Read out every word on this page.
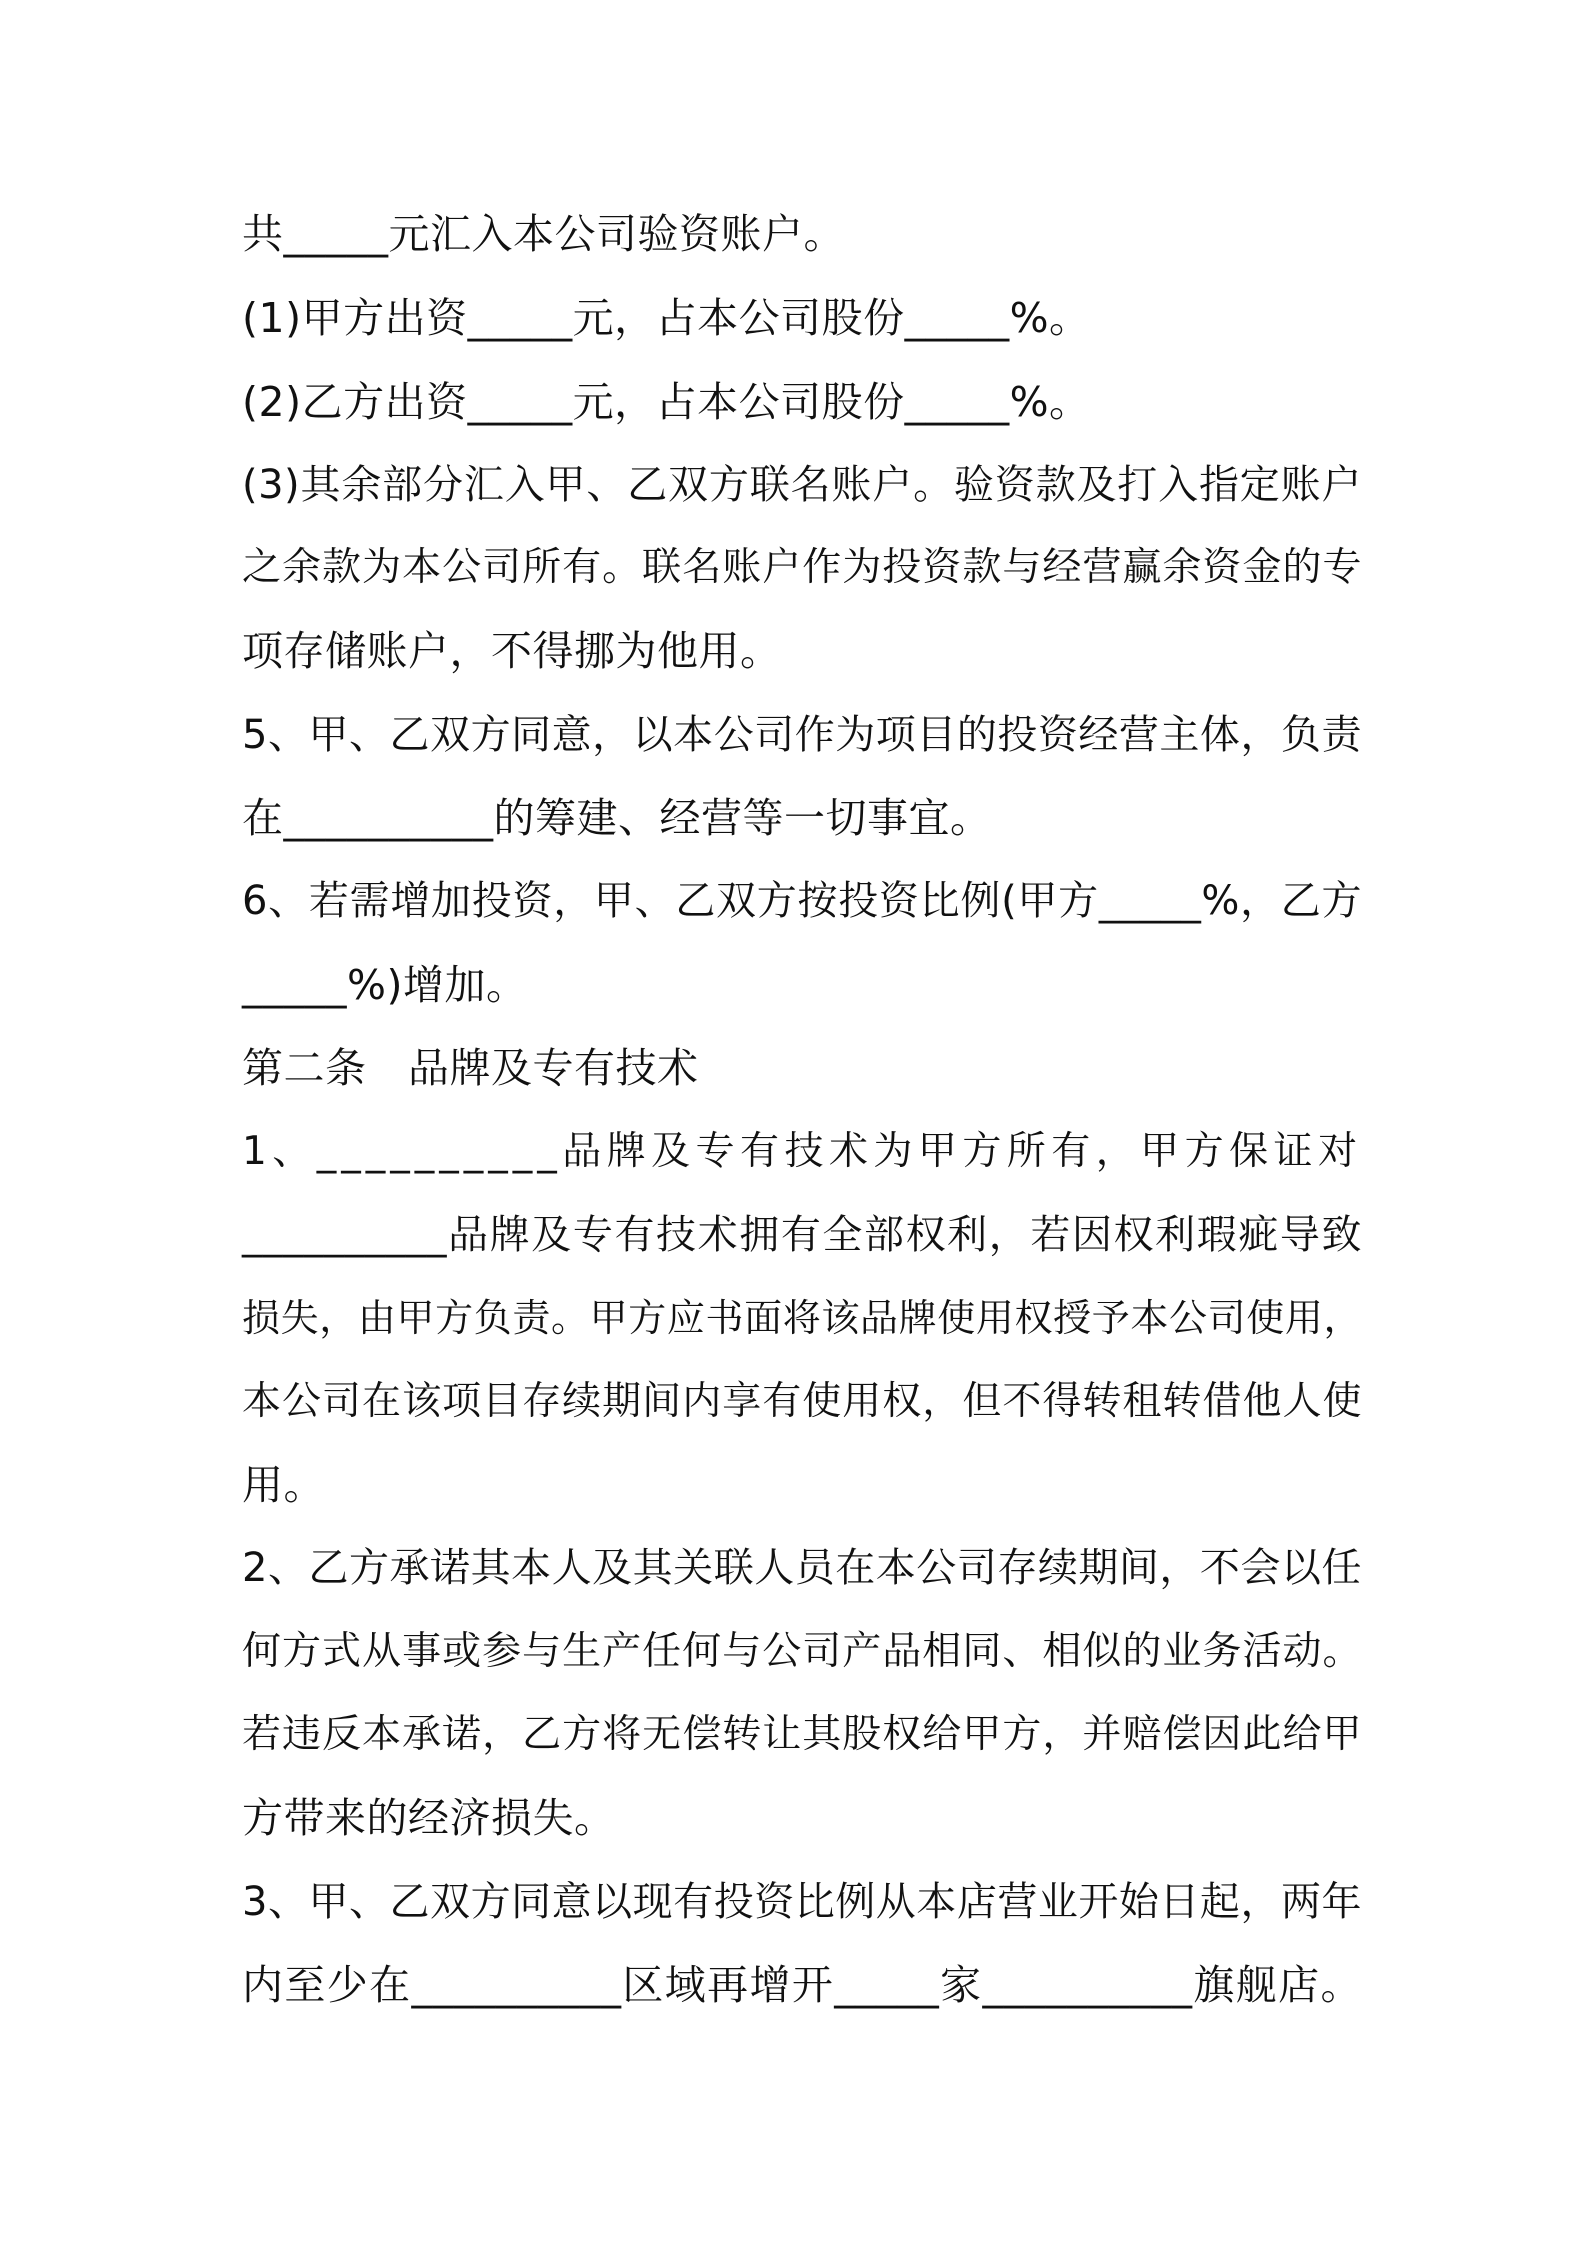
共_____元汇入本公司验资账户。
(1)甲方出资_____元，占本公司股份_____%。
(2)乙方出资_____元，占本公司股份_____%。
(3)其余部分汇入甲、乙双方联名账户。验资款及打入指定账户
之余款为本公司所有。联名账户作为投资款与经营赢余资金的专
项存储账户，不得挪为他用。
5、甲、乙双方同意，以本公司作为项目的投资经营主体，负责
在__________的筹建、经营等一切事宜。
6、若需增加投资，甲、乙双方按投资比例(甲方_____%，乙方
_____%)增加。
第二条　品牌及专有技术
1、__________品牌及专有技术为甲方所有，甲方保证对
__________品牌及专有技术拥有全部权利，若因权利瑕疵导致
损失，由甲方负责。甲方应书面将该品牌使用权授予本公司使用，
本公司在该项目存续期间内享有使用权，但不得转租转借他人使
用。
2、乙方承诺其本人及其关联人员在本公司存续期间，不会以任
何方式从事或参与生产任何与公司产品相同、相似的业务活动。
若违反本承诺，乙方将无偿转让其股权给甲方，并赔偿因此给甲
方带来的经济损失。
3、甲、乙双方同意以现有投资比例从本店营业开始日起，两年
内至少在__________区域再增开_____家__________旗舰店。
